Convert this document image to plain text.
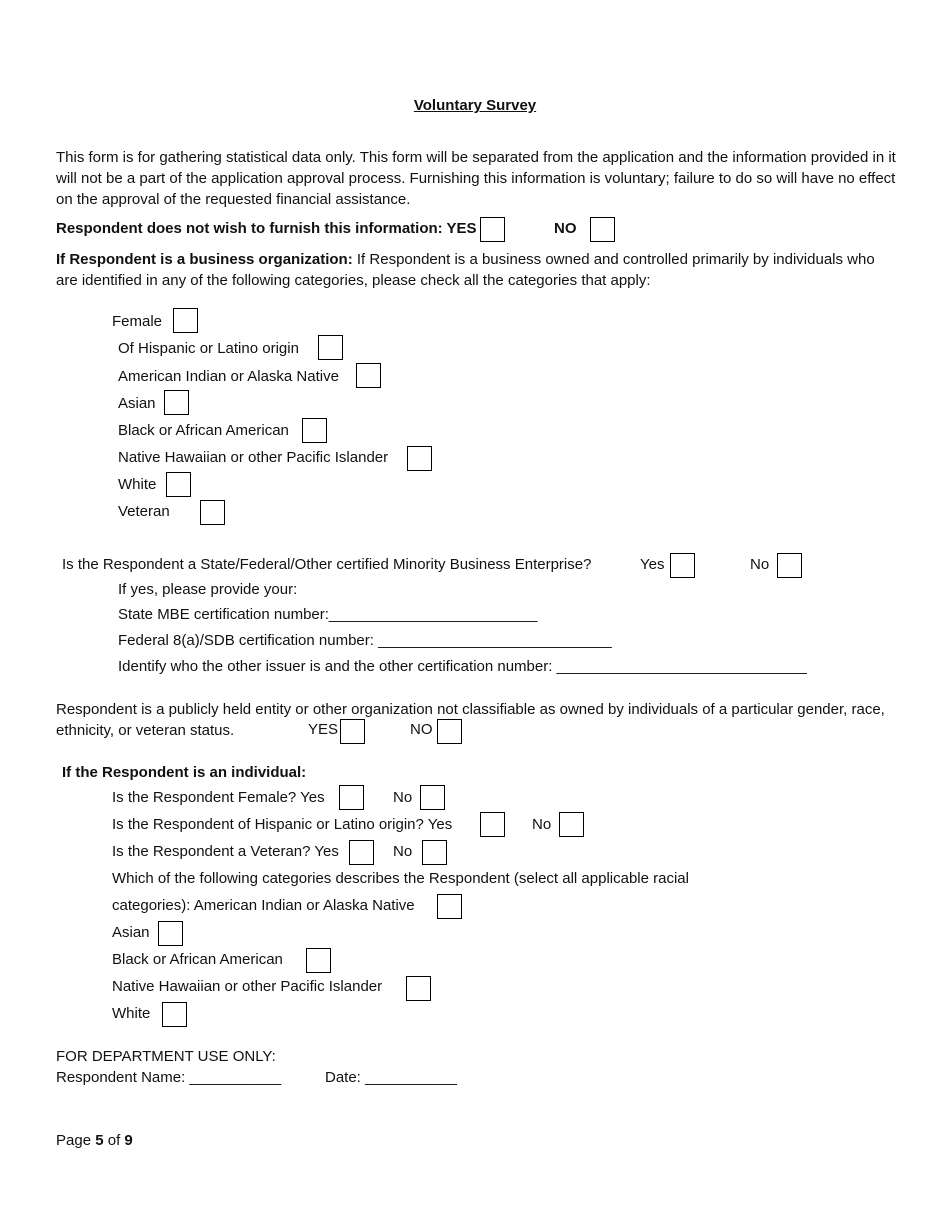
Voluntary Survey
This form is for gathering statistical data only. This form will be separated from the application and the information provided in it will not be a part of the application approval process. Furnishing this information is voluntary; failure to do so will have no effect on the approval of the requested financial assistance.
Respondent does not wish to furnish this information: YES	NO
If Respondent is a business organization: If Respondent is a business owned and controlled primarily by individuals who are identified in any of the following categories, please check all the categories that apply:
Female
Of Hispanic or Latino origin
American Indian or Alaska Native
Asian
Black or African American
Native Hawaiian or other Pacific Islander
White
Veteran
Is the Respondent a State/Federal/Other certified Minority Business Enterprise?	Yes	No
If yes, please provide your:
State MBE certification number:_________________________
Federal 8(a)/SDB certification number: ____________________________
Identify who the other issuer is and the other certification number: ______________________________
Respondent is a publicly held entity or other organization not classifiable as owned by individuals of a particular gender, race, ethnicity, or veteran status.	YES	NO
If the Respondent is an individual:
Is the Respondent Female? Yes	No
Is the Respondent of Hispanic or Latino origin? Yes	No
Is the Respondent a Veteran? Yes	No
Which of the following categories describes the Respondent (select all applicable racial
categories): American Indian or Alaska Native
Asian
Black or African American
Native Hawaiian or other Pacific Islander
White
FOR DEPARTMENT USE ONLY:
Respondent Name: ___________	Date: ___________
Page 5 of 9
